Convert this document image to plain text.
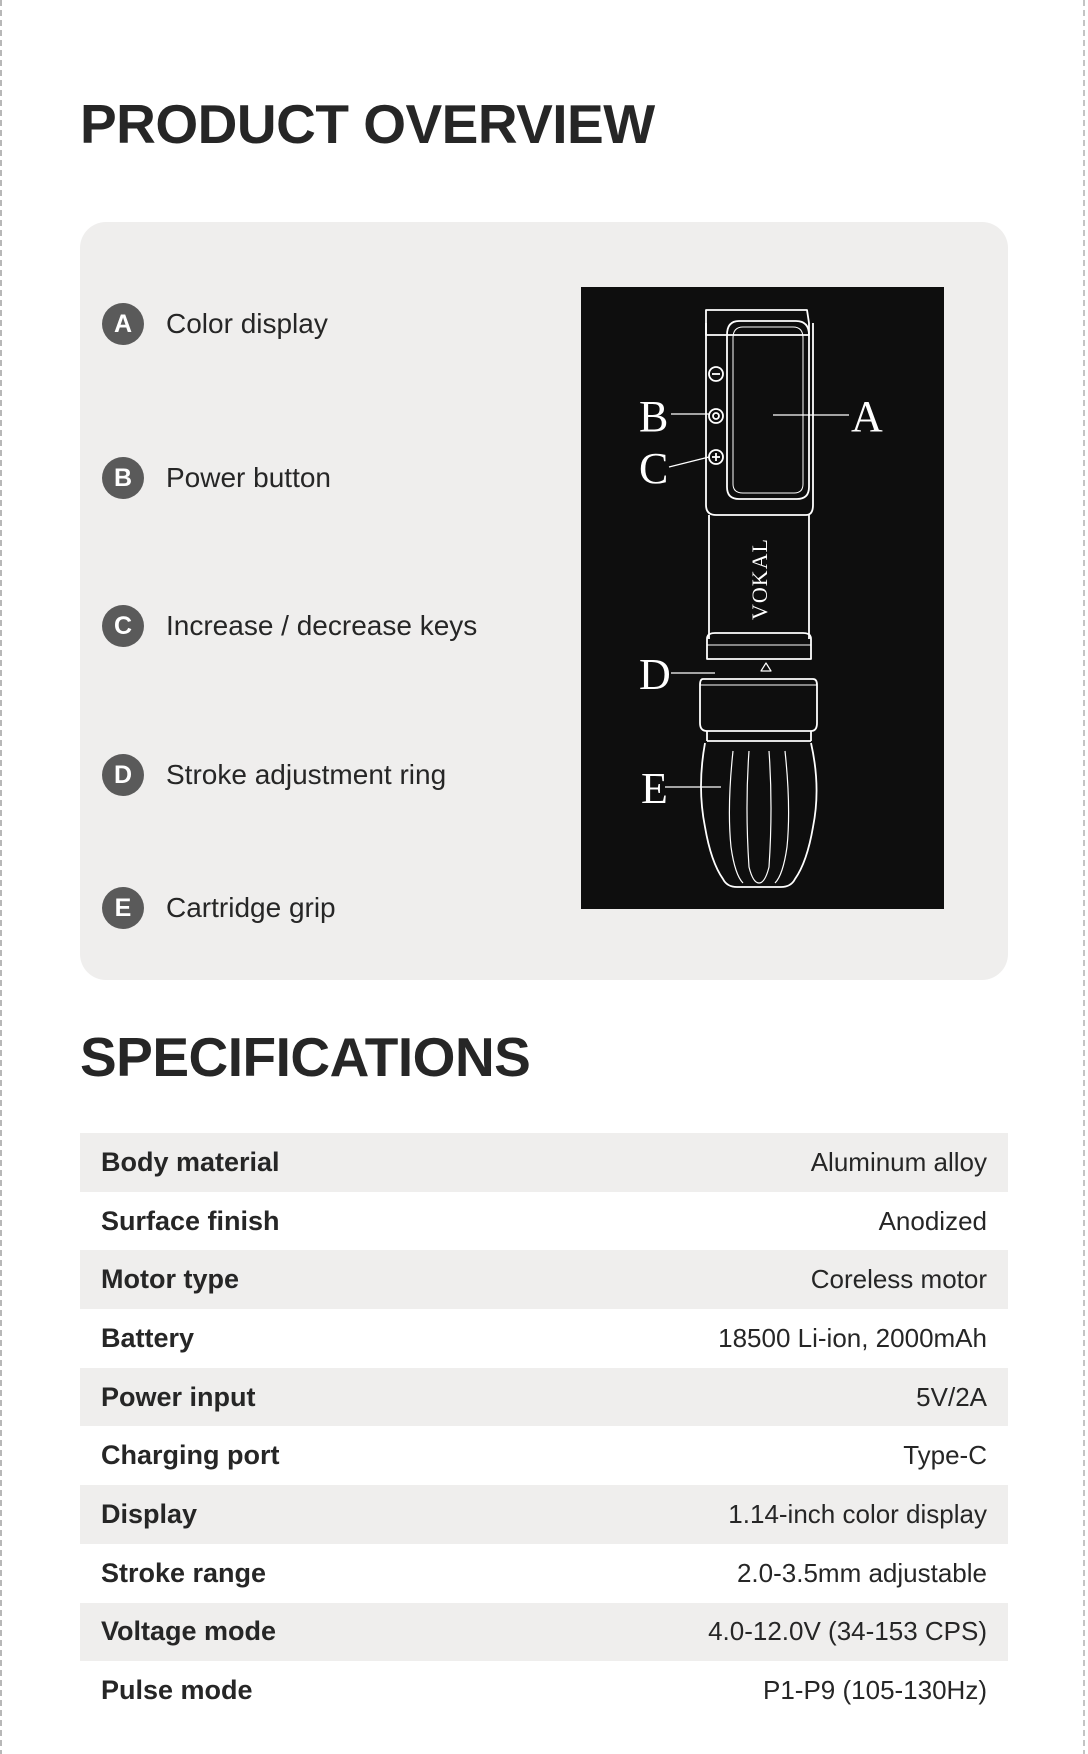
PRODUCT OVERVIEW
A	Color display
B	Power button
C	Increase / decrease keys
D	Stroke adjustment ring
E	Cartridge grip
VOKAL
A
B
C
D
E
SPECIFICATIONS
Body material	Aluminum alloy
Surface finish	Anodized
Motor type	Coreless motor
Battery	18500 Li-ion, 2000mAh
Power input	5V/2A
Charging port	Type-C
Display	1.14-inch color display
Stroke range	2.0-3.5mm adjustable
Voltage mode	4.0-12.0V (34-153 CPS)
Pulse mode	P1-P9 (105-130Hz)
